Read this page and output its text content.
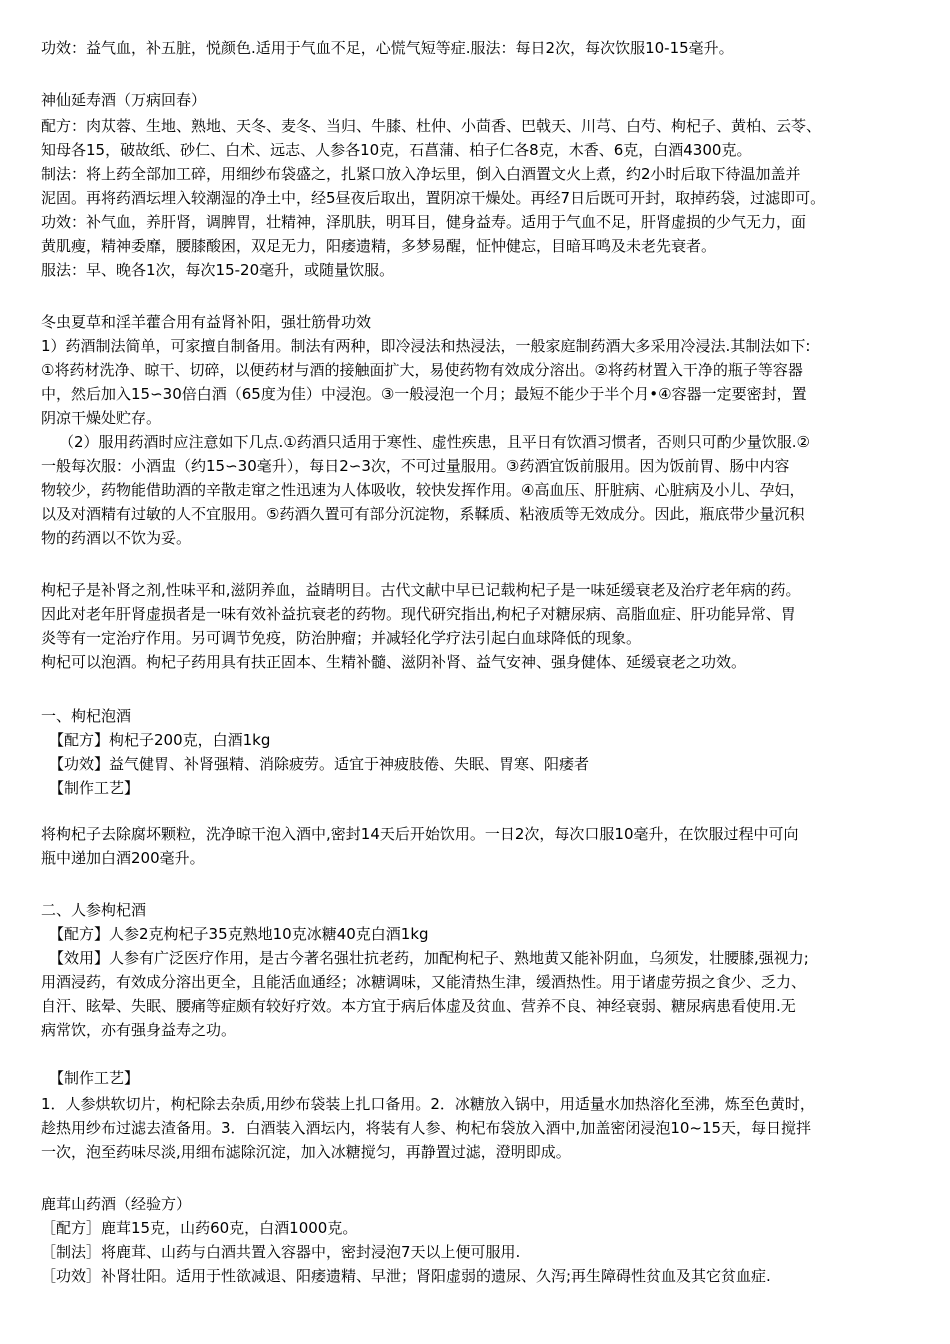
功效：益气血，补五脏，悦颜色.适用于气血不足，心慌气短等症.服法：每日2次，每次饮服10-15毫升。

神仙延寿酒（万病回春）

配方：肉苁蓉、生地、熟地、天冬、麦冬、当归、牛膝、杜仲、小茴香、巴戟天、川芎、白芍、枸杞子、黄柏、云苓、

知母各15，破故纸、砂仁、白术、远志、人参各10克，石菖蒲、柏子仁各8克，木香、6克，白酒4300克。

制法：将上药全部加工碎，用细纱布袋盛之，扎紧口放入净坛里，倒入白酒置文火上煮，约2小时后取下待温加盖并

泥固。再将药酒坛埋入较潮湿的净土中，经5昼夜后取出，置阴凉干燥处。再经7日后既可开封，取掉药袋，过滤即可。

功效：补气血，养肝肾，调脾胃，壮精神，泽肌肤，明耳目，健身益寿。适用于气血不足，肝肾虚损的少气无力，面

黄肌瘦，精神委靡，腰膝酸困，双足无力，阳痿遗精，多梦易醒，怔忡健忘，目暗耳鸣及未老先衰者。

服法：早、晚各1次，每次15-20毫升，或随量饮服。

冬虫夏草和淫羊藿合用有益肾补阳，强壮筋骨功效

1）药酒制法简单，可家擅自制备用。制法有两种，即冷浸法和热浸法，一般家庭制药酒大多采用冷浸法.其制法如下:

①将药材洗净、晾干、切碎，以便药材与酒的接触面扩大，易使药物有效成分溶出。②将药材置入干净的瓶子等容器

中，然后加入15∽30倍白酒（65度为佳）中浸泡。③一般浸泡一个月；最短不能少于半个月•④容器一定要密封，置

阴凉干燥处贮存。

（2）服用药酒时应注意如下几点.①药酒只适用于寒性、虚性疾患，且平日有饮酒习惯者，否则只可酌少量饮服.②

一般每次服：小酒盅（约15∽30毫升），每日2∽3次，不可过量服用。③药酒宜饭前服用。因为饭前胃、肠中内容

物较少，药物能借助酒的辛散走窜之性迅速为人体吸收，较快发挥作用。④高血压、肝脏病、心脏病及小儿、孕妇，

以及对酒精有过敏的人不宜服用。⑤药酒久置可有部分沉淀物，系鞣质、粘液质等无效成分。因此，瓶底带少量沉积

物的药酒以不饮为妥。

枸杞子是补肾之剂,性味平和,滋阴养血，益睛明目。古代文献中早已记载枸杞子是一味延缓衰老及治疗老年病的药。

因此对老年肝肾虚损者是一味有效补益抗衰老的药物。现代研究指出,枸杞子对糖尿病、高脂血症、肝功能异常、胃

炎等有一定治疗作用。另可调节免疫，防治肿瘤；并减轻化学疗法引起白血球降低的现象。

枸杞可以泡酒。枸杞子药用具有扶正固本、生精补髓、滋阴补肾、益气安神、强身健体、延缓衰老之功效。

一、枸杞泡酒

【配方】枸杞子200克，白酒1kg

【功效】益气健胃、补肾强精、消除疲劳。适宜于神疲肢倦、失眠、胃寒、阳痿者

【制作工艺】

将枸杞子去除腐坏颗粒，洗净晾干泡入酒中,密封14天后开始饮用。一日2次，每次口服10毫升，在饮服过程中可向

瓶中递加白酒200毫升。

二、人参枸杞酒

【配方】人参2克枸杞子35克熟地10克冰糖40克白酒1kg

【效用】人参有广泛医疗作用，是古今著名强壮抗老药，加配枸杞子、熟地黄又能补阴血，乌须发，壮腰膝,强视力;

用酒浸药，有效成分溶出更全，且能活血通经；冰糖调味，又能清热生津，缓酒热性。用于诸虚劳损之食少、乏力、

自汗、眩晕、失眠、腰痛等症颇有较好疗效。本方宜于病后体虚及贫血、营养不良、神经衰弱、糖尿病患看使用.无

病常饮，亦有强身益寿之功。

【制作工艺】

1．人参烘软切片，枸杞除去杂质,用纱布袋装上扎口备用。2．冰糖放入锅中，用适量水加热溶化至沸，炼至色黄时，

趁热用纱布过滤去渣备用。3．白酒装入酒坛内，将装有人参、枸杞布袋放入酒中,加盖密闭浸泡10~15天，每日搅拌

一次，泡至药味尽淡,用细布滤除沉淀，加入冰糖搅匀，再静置过滤，澄明即成。

鹿茸山药酒（经验方）

［配方］鹿茸15克，山药60克，白酒1000克。

［制法］将鹿茸、山药与白酒共置入容器中，密封浸泡7天以上便可服用.

［功效］补肾壮阳。适用于性欲减退、阳痿遗精、早泄；肾阳虚弱的遗尿、久泻;再生障碍性贫血及其它贫血症.
